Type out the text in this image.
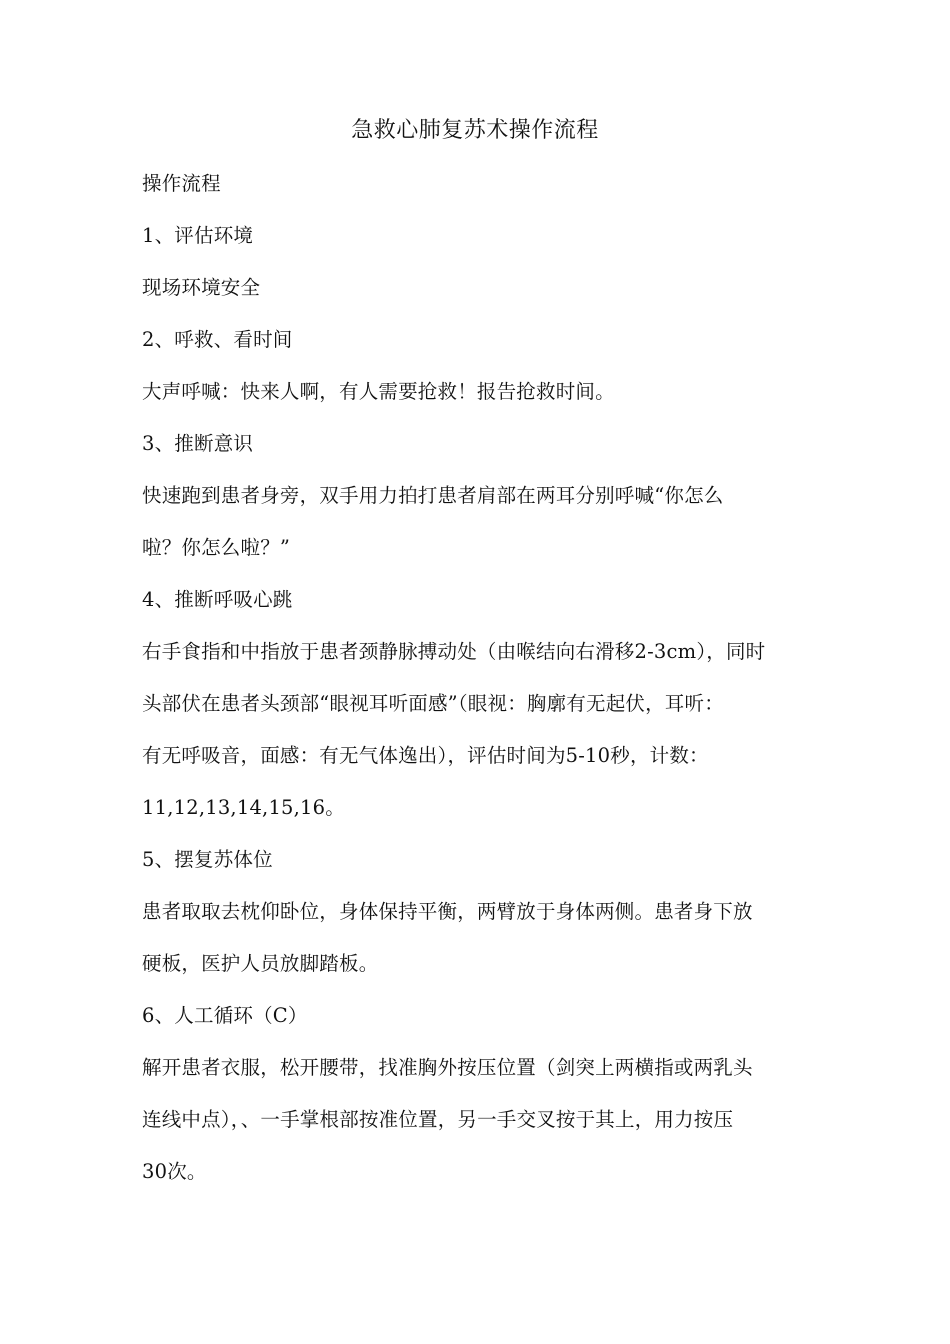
急救心肺复苏术操作流程

操作流程

1、评估环境

现场环境安全

2、呼救、看时间

大声呼喊：快来人啊，有人需要抢救！报告抢救时间。

3、推断意识

快速跑到患者身旁，双手用力拍打患者肩部在两耳分别呼喊“你怎么

啦？你怎么啦？”

4、推断呼吸心跳

右手食指和中指放于患者颈静脉搏动处（由喉结向右滑移2-3cm），同时

头部伏在患者头颈部“眼视耳听面感”（眼视：胸廓有无起伏，耳听：

有无呼吸音，面感：有无气体逸出），评估时间为5-10秒，计数：

11,12,13,14,15,16。

5、摆复苏体位

患者取取去枕仰卧位，身体保持平衡，两臂放于身体两侧。患者身下放

硬板，医护人员放脚踏板。

6、人工循环（C）

解开患者衣服，松开腰带，找准胸外按压位置（剑突上两横指或两乳头

连线中点），、一手掌根部按准位置，另一手交叉按于其上，用力按压

30次。
